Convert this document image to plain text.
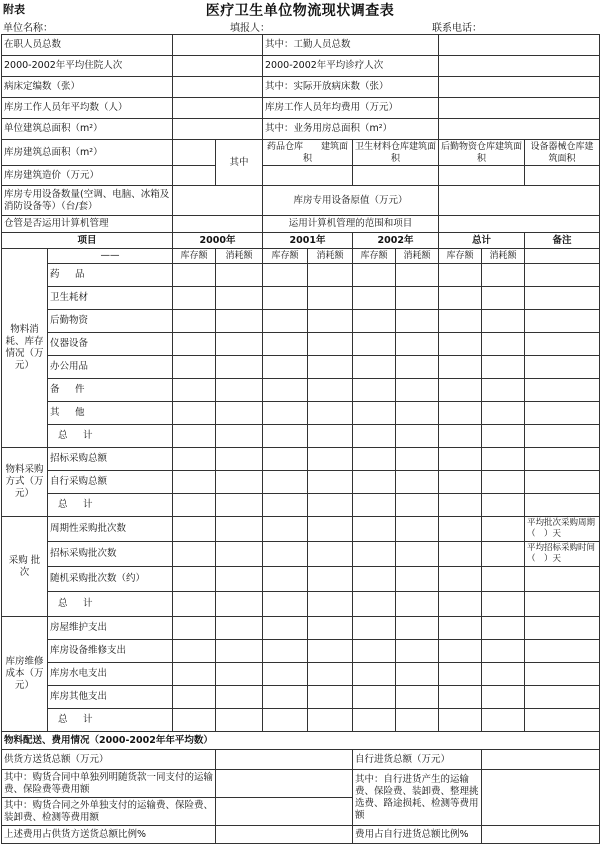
附表	医疗卫生单位物流现状调查表
单位名称：	填报人：	联系电话：
在职人员总数				其中：工勤人员总数						
2000-2002年平均住院人次				2000-2002年平均诊疗人次						
病床定编数（张）				其中：实际开放病床数（张）						
库房工作人员年平均数（人）				库房工作人员年均费用（万元）						
单位建筑总面积（m²）				其中：业务用房总面积（m²）						
库房建筑总面积（m²）			其中	药品仓库　　建筑面积		卫生材料仓库建筑面积		后勤物资仓库建筑面积		设备器械仓库建筑面积
库房建筑造价（万元）										
库房专用设备数量(空调、电脑、冰箱及消防设备等）（台/套）				库房专用设备原值（万元）						
仓管是否运用计算机管理				运用计算机管理的范围和项目						
项目		2000年		2001年		2002年		总计		备注
物料消耗、库存情况（万元）	——	库存额	消耗额	库存额	消耗额	库存额	消耗额	库存额	消耗额	
	药　品									
	卫生耗材									
	后勤物资									
	仪器设备									
	办公用品									
	备　件									
	其　他									
	总　计									
物料采购方式（万元）	招标采购总额									
	自行采购总额									
	总　计									
采购 批次	周期性采购批次数									平均批次采购周期（　）天
	招标采购批次数									平均招标采购时间（　）天
	随机采购批次数（约）									
	总　计									
库房维修成本（万元）	房屋维护支出									
	库房设备维修支出									
	库房水电支出									
	库房其他支出									
	总　计									
物料配送、费用情况（2000-2002年年平均数）										
供货方送货总额（万元）						自行进货总额（万元）				
其中：购货合同中单独列明随货款一同支付的运输费、保险费等费用额						其中：自行进货产生的运输费、保险费、装卸费、整理挑选费、路途损耗、检测等费用额				
其中：购货合同之外单独支付的运输费、保险费、装卸费、检测等费用额										
上述费用占供货方送货总额比例%						费用占自行进货总额比例%				
